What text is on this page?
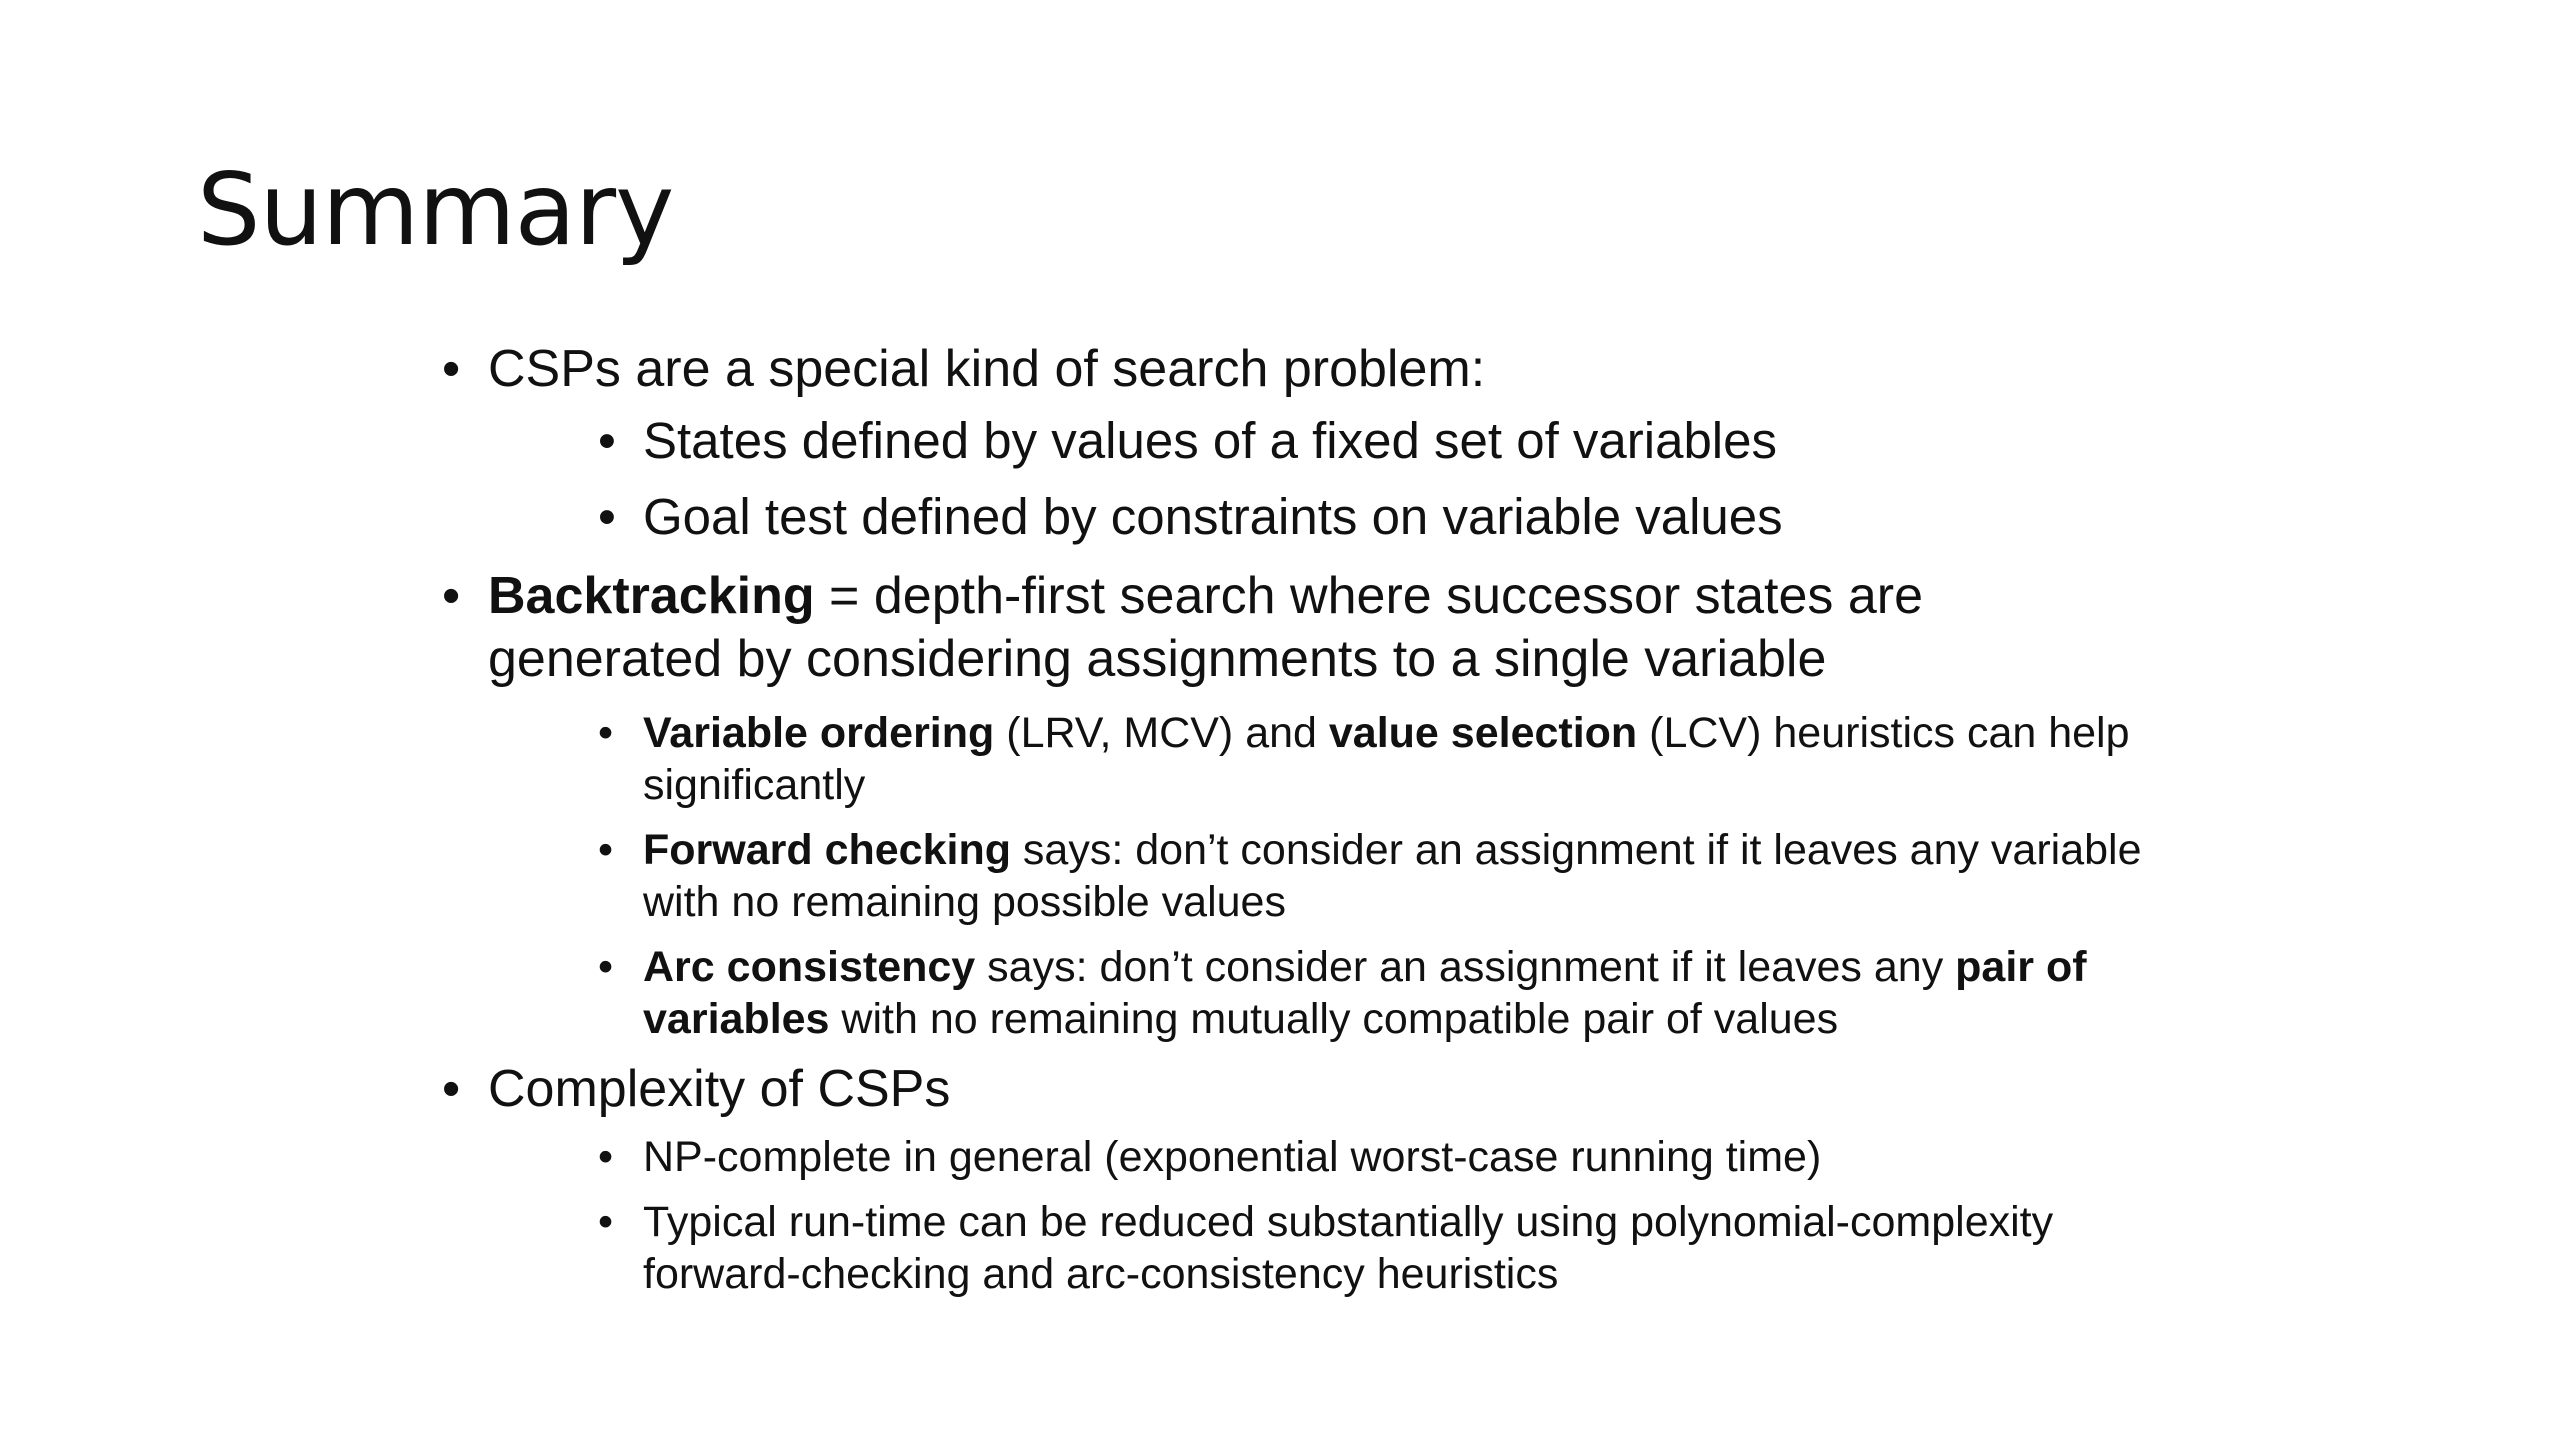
Summary
• CSPs are a special kind of search problem:
• States defined by values of a fixed set of variables
• Goal test defined by constraints on variable values
• Backtracking = depth-first search where successor states are generated by considering assignments to a single variable
• Variable ordering (LRV, MCV) and value selection (LCV) heuristics can help significantly
• Forward checking says: don’t consider an assignment if it leaves any variable with no remaining possible values
• Arc consistency says: don’t consider an assignment if it leaves any pair of variables with no remaining mutually compatible pair of values
• Complexity of CSPs
• NP-complete in general (exponential worst-case running time)
• Typical run-time can be reduced substantially using polynomial-complexity forward-checking and arc-consistency heuristics
